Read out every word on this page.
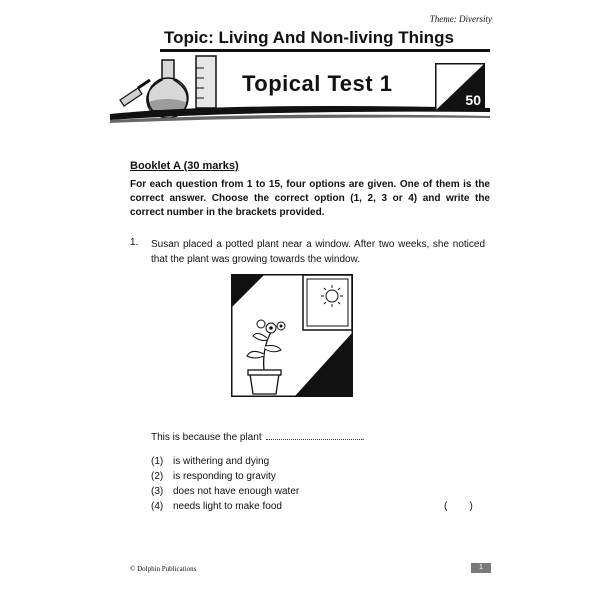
Theme: Diversity
Topic: Living And Non-living Things
Topical Test 1
50
Booklet A (30 marks)
For each question from 1 to 15, four options are given. One of them is the correct answer. Choose the correct option (1, 2, 3 or 4) and write the correct number in the brackets provided.
1. Susan placed a potted plant near a window. After two weeks, she noticed that the plant was growing towards the window.
This is because the plant	.
(1) is withering and dying
(2) is responding to gravity
(3) does not have enough water
(4) needs light to make food	(        )
© Dolphin Publications	1
